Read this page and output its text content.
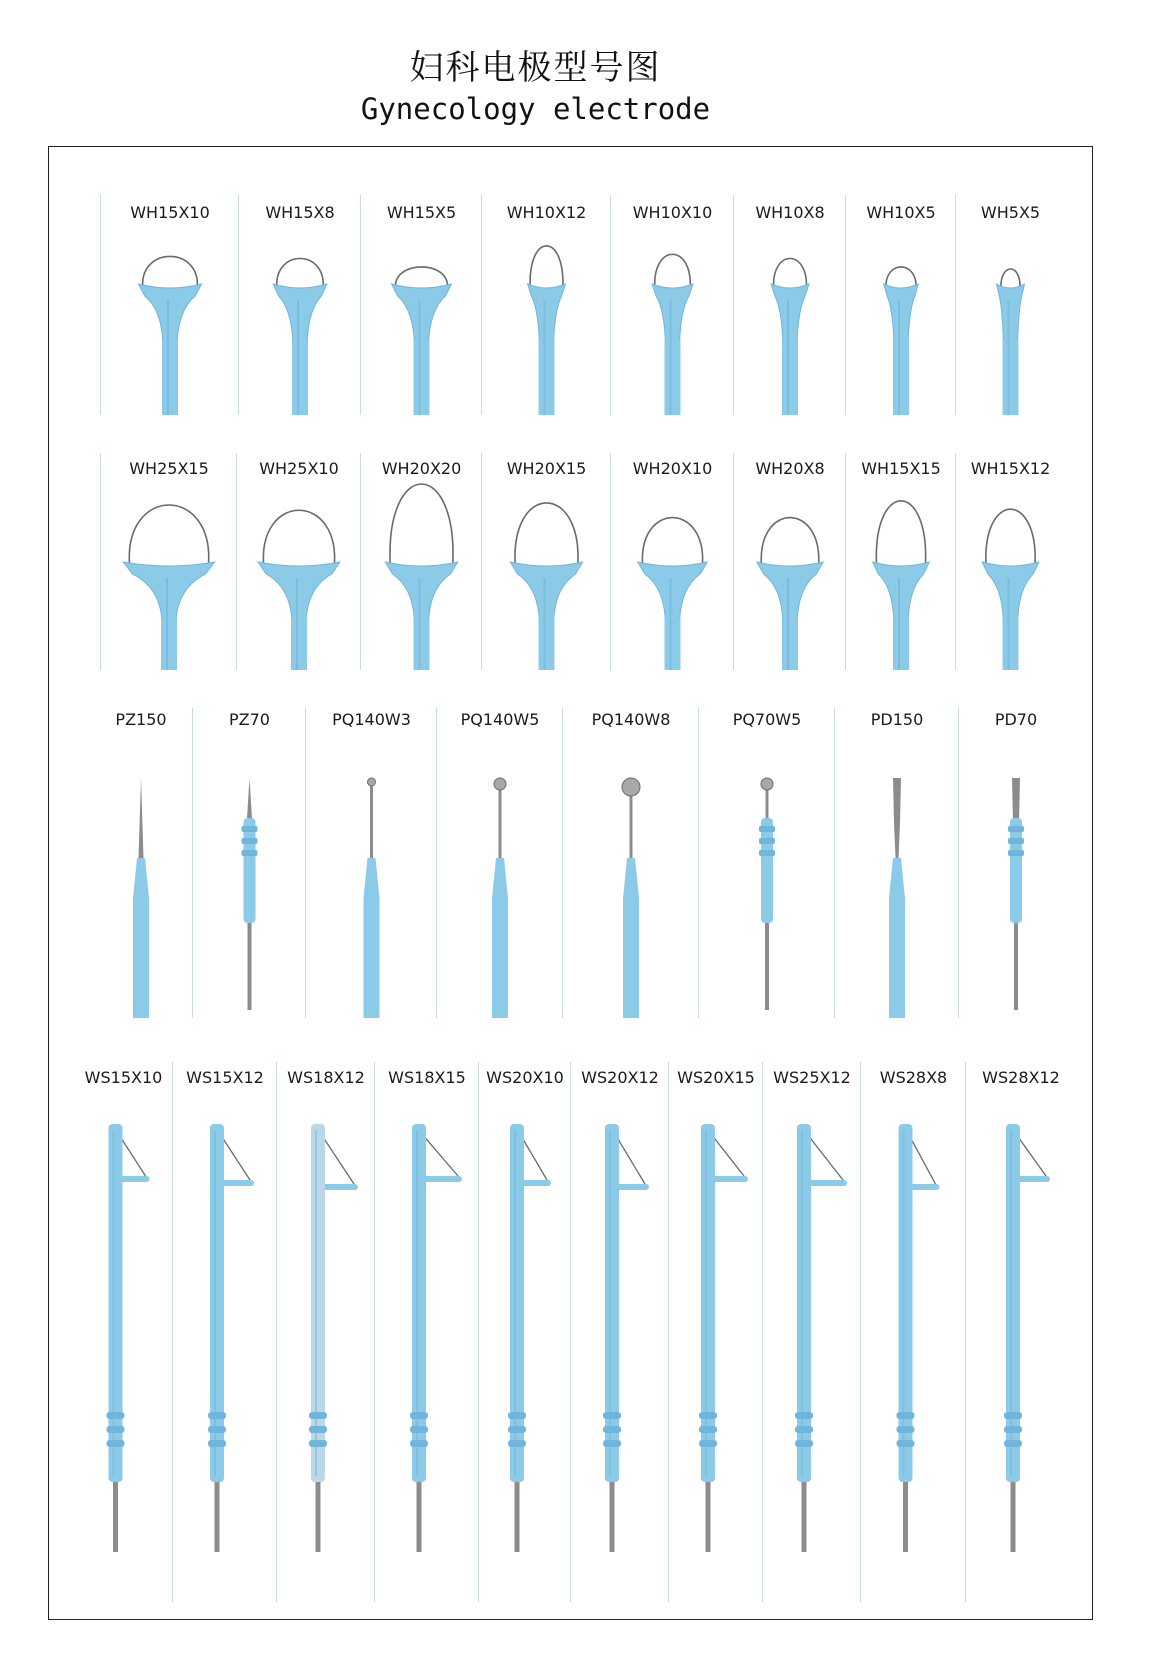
妇科电极型号图
Gynecology electrode
WH15X10	WH15X8	WH15X5	WH10X12	WH10X10	WH10X8	WH10X5	WH5X5
WH25X15	WH25X10	WH20X20	WH20X15	WH20X10	WH20X8	WH15X15	WH15X12
PZ150	PZ70	PQ140W3	PQ140W5	PQ140W8	PQ70W5	PD150	PD70
WS15X10	WS15X12	WS18X12	WS18X15	WS20X10	WS20X12	WS20X15	WS25X12	WS28X8	WS28X12
